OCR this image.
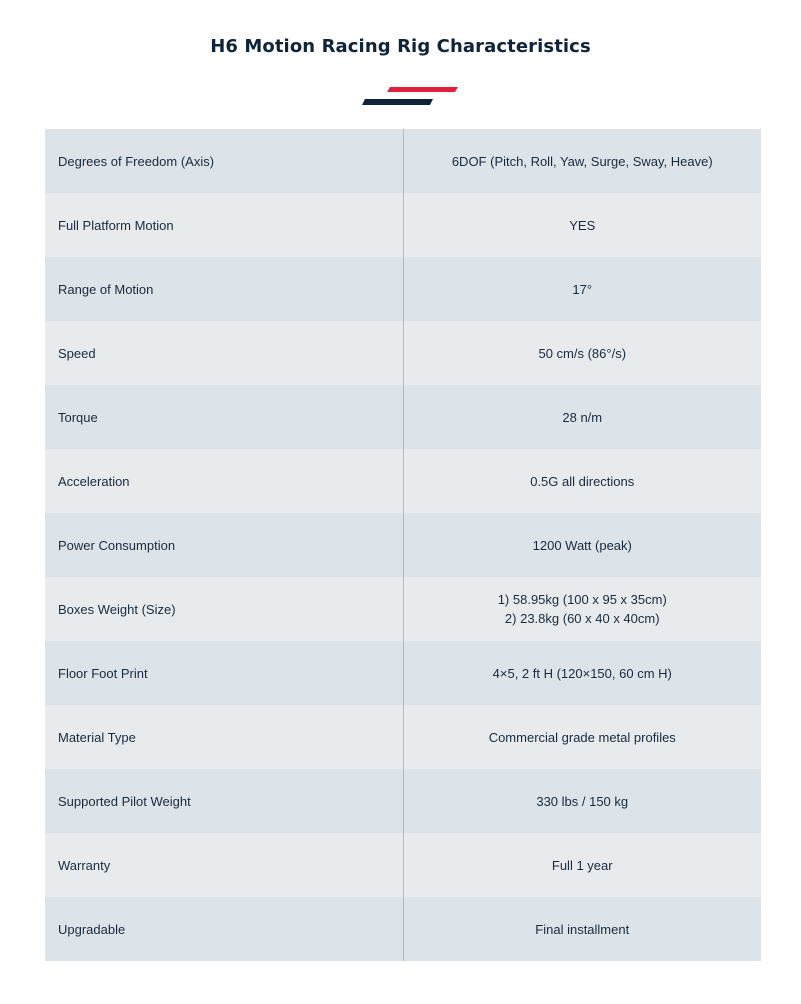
H6 Motion Racing Rig Characteristics
Degrees of Freedom (Axis)	6DOF (Pitch, Roll, Yaw, Surge, Sway, Heave)

Full Platform Motion	YES

Range of Motion	17°

Speed	50 cm/s (86°/s)

Torque	28 n/m

Acceleration	0.5G all directions

Power Consumption	1200 Watt (peak)

Boxes Weight (Size)	1) 58.95kg (100 x 95 x 35cm)
2) 23.8kg (60 x 40 x 40cm)

Floor Foot Print	4×5, 2 ft H (120×150, 60 cm H)

Material Type	Commercial grade metal profiles

Supported Pilot Weight	330 lbs / 150 kg

Warranty	Full 1 year

Upgradable	Final installment
